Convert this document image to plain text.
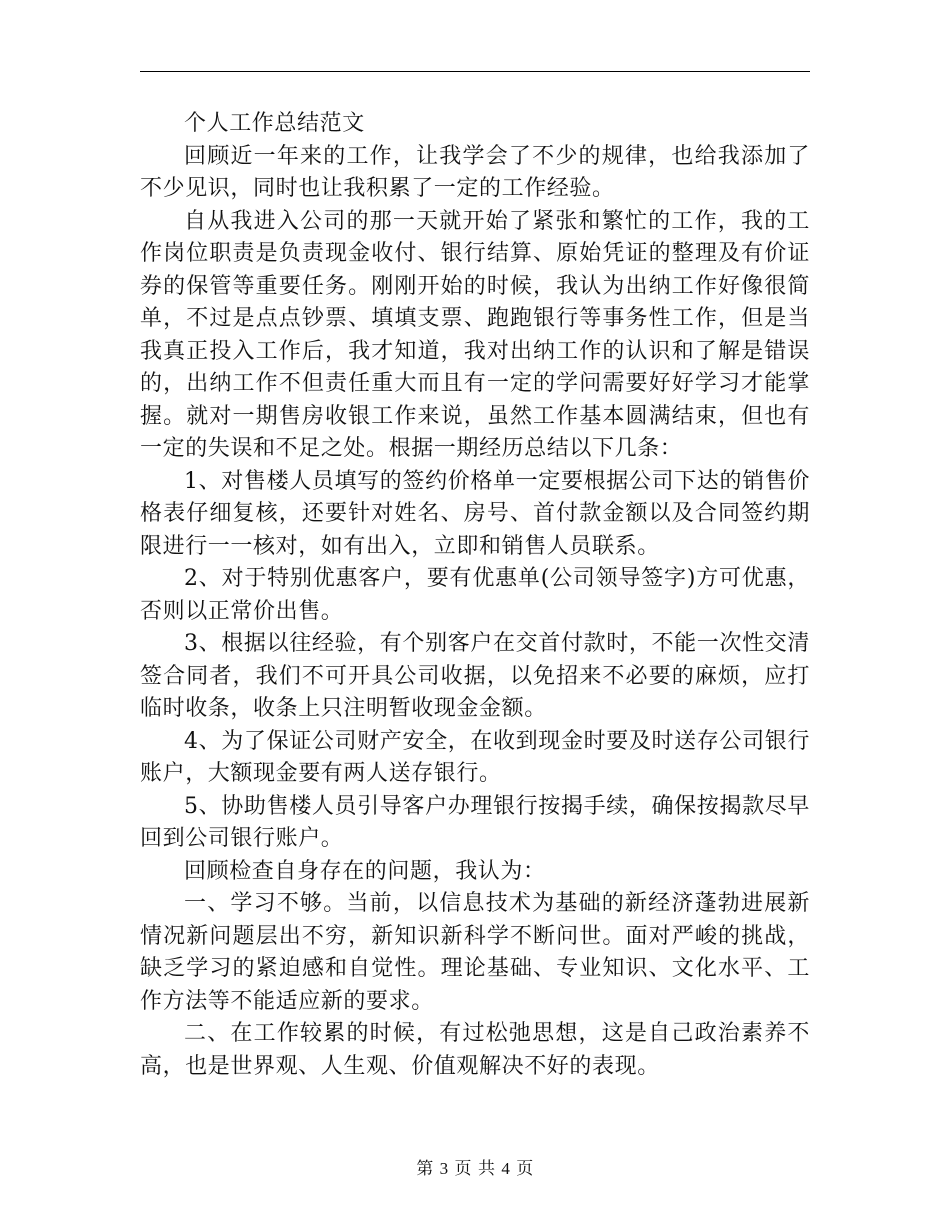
个人工作总结范文

回顾近一年来的工作，让我学会了不少的规律，也给我添加了不少见识，同时也让我积累了一定的工作经验。

自从我进入公司的那一天就开始了紧张和繁忙的工作，我的工作岗位职责是负责现金收付、银行结算、原始凭证的整理及有价证券的保管等重要任务。刚刚开始的时候，我认为出纳工作好像很简单，不过是点点钞票、填填支票、跑跑银行等事务性工作，但是当我真正投入工作后，我才知道，我对出纳工作的认识和了解是错误的，出纳工作不但责任重大而且有一定的学问需要好好学习才能掌握。就对一期售房收银工作来说，虽然工作基本圆满结束，但也有一定的失误和不足之处。根据一期经历总结以下几条：

1、对售楼人员填写的签约价格单一定要根据公司下达的销售价格表仔细复核，还要针对姓名、房号、首付款金额以及合同签约期限进行一一核对，如有出入，立即和销售人员联系。

2、对于特别优惠客户，要有优惠单(公司领导签字)方可优惠，否则以正常价出售。

3、根据以往经验，有个别客户在交首付款时，不能一次性交清签合同者，我们不可开具公司收据，以免招来不必要的麻烦，应打临时收条，收条上只注明暂收现金金额。

4、为了保证公司财产安全，在收到现金时要及时送存公司银行账户，大额现金要有两人送存银行。

5、协助售楼人员引导客户办理银行按揭手续，确保按揭款尽早回到公司银行账户。

回顾检查自身存在的问题，我认为：

一、学习不够。当前，以信息技术为基础的新经济蓬勃进展新情况新问题层出不穷，新知识新科学不断问世。面对严峻的挑战，缺乏学习的紧迫感和自觉性。理论基础、专业知识、文化水平、工作方法等不能适应新的要求。

二、在工作较累的时候，有过松弛思想，这是自己政治素养不高，也是世界观、人生观、价值观解决不好的表现。

第 3 页 共 4 页
